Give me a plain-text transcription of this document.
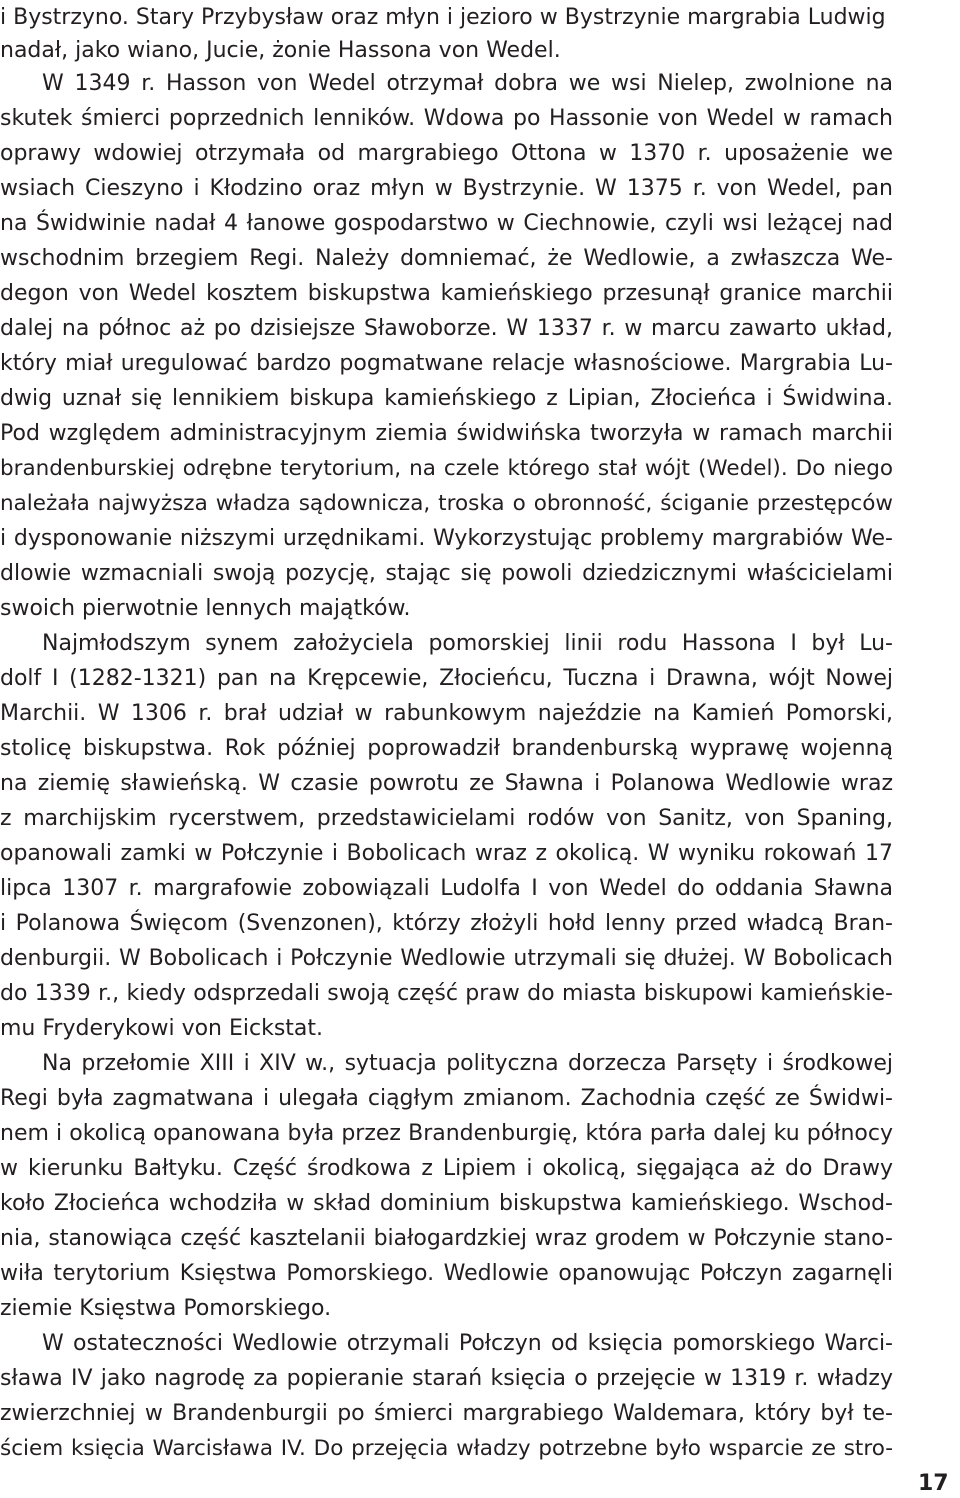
i Bystrzyno. Stary Przybysław oraz młyn i jezioro w Bystrzynie margrabia Ludwig
nadał, jako wiano, Jucie, żonie Hassona von Wedel.
W 1349 r. Hasson von Wedel otrzymał dobra we wsi Nielep, zwolnione na
skutek śmierci poprzednich lenników. Wdowa po Hassonie von Wedel w ramach
oprawy wdowiej otrzymała od margrabiego Ottona w 1370 r. uposażenie we
wsiach Cieszyno i Kłodzino oraz młyn w Bystrzynie. W 1375 r. von Wedel, pan
na Świdwinie nadał 4 łanowe gospodarstwo w Ciechnowie, czyli wsi leżącej nad
wschodnim brzegiem Regi. Należy domniemać, że Wedlowie, a zwłaszcza We-
degon von Wedel kosztem biskupstwa kamieńskiego przesunął granice marchii
dalej na północ aż po dzisiejsze Sławoborze. W 1337 r. w marcu zawarto układ,
który miał uregulować bardzo pogmatwane relacje własnościowe. Margrabia Lu-
dwig uznał się lennikiem biskupa kamieńskiego z Lipian, Złocieńca i Świdwina.
Pod względem administracyjnym ziemia świdwińska tworzyła w ramach marchii
brandenburskiej odrębne terytorium, na czele którego stał wójt (Wedel). Do niego
należała najwyższa władza sądownicza, troska o obronność, ściganie przestępców
i dysponowanie niższymi urzędnikami. Wykorzystując problemy margrabiów We-
dlowie wzmacniali swoją pozycję, stając się powoli dziedzicznymi właścicielami
swoich pierwotnie lennych majątków.
Najmłodszym synem założyciela pomorskiej linii rodu Hassona I był Lu-
dolf I (1282-1321) pan na Krępcewie, Złocieńcu, Tucznа i Drawna, wójt Nowej
Marchii. W 1306 r. brał udział w rabunkowym najeździe na Kamień Pomorski,
stolicę biskupstwa. Rok później poprowadził brandenburską wyprawę wojenną
na ziemię sławieńską. W czasie powrotu ze Sławna i Polanowa Wedlowie wraz
z marchijskim rycerstwem, przedstawicielami rodów von Sanitz, von Spaning,
opanowali zamki w Połczynie i Bobolicach wraz z okolicą. W wyniku rokowań 17
lipca 1307 r. margrafowie zobowiązali Ludolfa I von Wedel do oddania Sławna
i Polanowa Święcom (Svenzonen), którzy złożyli hołd lenny przed władcą Bran-
denburgii. W Bobolicach i Połczynie Wedlowie utrzymali się dłużej. W Bobolicach
do 1339 r., kiedy odsprzedali swoją część praw do miasta biskupowi kamieńskie-
mu Fryderykowi von Eickstat.
Na przełomie XIII i XIV w., sytuacja polityczna dorzecza Parsęty i środkowej
Regi była zagmatwana i ulegała ciągłym zmianom. Zachodnia część ze Świdwi-
nem i okolicą opanowana była przez Brandenburgię, która parła dalej ku północy
w kierunku Bałtyku. Część środkowa z Lipiem i okolicą, sięgająca aż do Drawy
koło Złocieńca wchodziła w skład dominium biskupstwa kamieńskiego. Wschod-
nia, stanowiąca część kasztelanii białogardzkiej wraz grodem w Połczynie stano-
wiła terytorium Księstwa Pomorskiego. Wedlowie opanowując Połczyn zagarnęli
ziemie Księstwa Pomorskiego.
W ostateczności Wedlowie otrzymali Połczyn od księcia pomorskiego Warci-
sława IV jako nagrodę za popieranie starań księcia o przejęcie w 1319 r. władzy
zwierzchniej w Brandenburgii po śmierci margrabiego Waldemara, który był te-
ściem księcia Warcisława IV. Do przejęcia władzy potrzebne było wsparcie ze stro-
17
